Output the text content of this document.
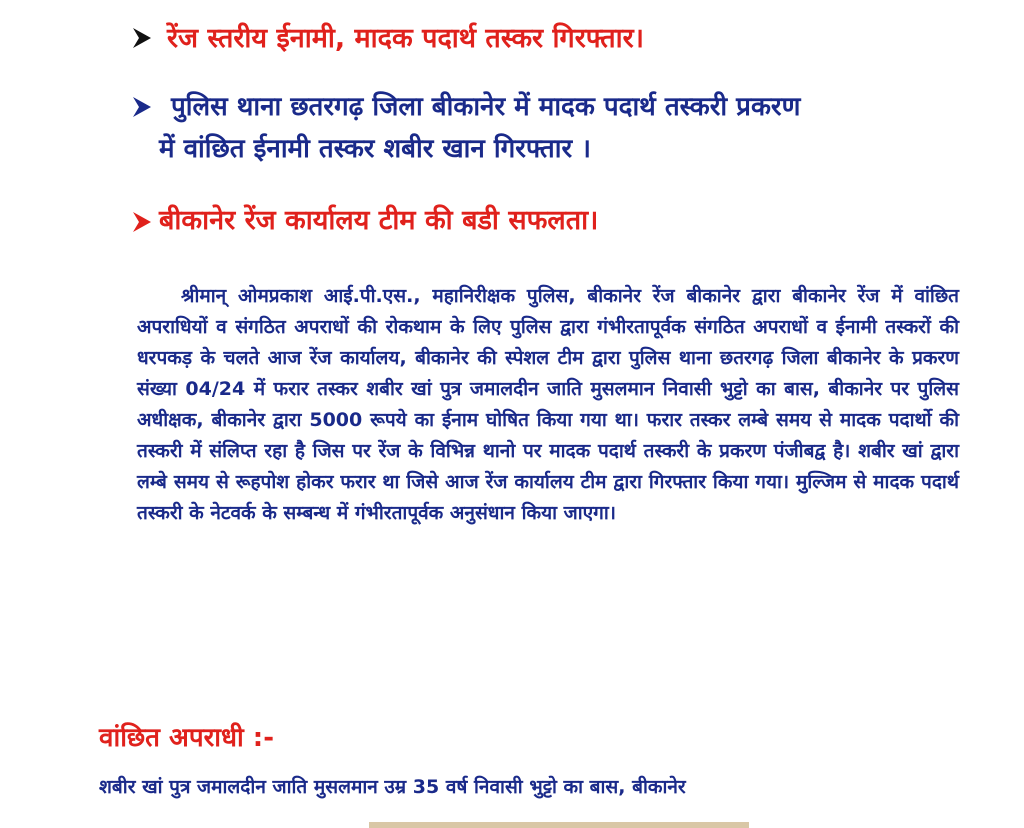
रेंज स्तरीय ईनामी, मादक पदार्थ तस्कर गिरफ्तार।
पुलिस थाना छतरगढ़ जिला बीकानेर में मादक पदार्थ तस्करी प्रकरण
में वांछित ईनामी तस्कर शबीर खान गिरफ्तार ।
बीकानेर रेंज कार्यालय टीम की बडी सफलता।

श्रीमान् ओमप्रकाश आई.पी.एस., महानिरीक्षक पुलिस, बीकानेर रेंज बीकानेर द्वारा बीकानेर रेंज में वांछित अपराधियों व संगठित अपराधों की रोकथाम के लिए पुलिस द्वारा गंभीरतापूर्वक संगठित अपराधों व ईनामी तस्करों की धरपकड़ के चलते आज रेंज कार्यालय, बीकानेर की स्पेशल टीम द्वारा पुलिस थाना छतरगढ़ जिला बीकानेर के प्रकरण संख्या 04/24 में फरार तस्कर शबीर खां पुत्र जमालदीन जाति मुसलमान निवासी भुट्टो का बास, बीकानेर पर पुलिस अधीक्षक, बीकानेर द्वारा 5000 रूपये का ईनाम घोषित किया गया था। फरार तस्कर लम्बे समय से मादक पदार्थो की तस्करी में संलिप्त रहा है जिस पर रेंज के विभिन्न थानो पर मादक पदार्थ तस्करी के प्रकरण पंजीबद्व है। शबीर खां द्वारा लम्बे समय से रूहपोश होकर फरार था जिसे आज रेंज कार्यालय टीम द्वारा गिरफ्तार किया गया। मुल्जिम से मादक पदार्थ तस्करी के नेटवर्क के सम्बन्ध में गंभीरतापूर्वक अनुसंधान किया जाएगा।

वांछित अपराधी :-
शबीर खां पुत्र जमालदीन जाति मुसलमान उम्र 35 वर्ष निवासी भुट्टो का बास, बीकानेर
